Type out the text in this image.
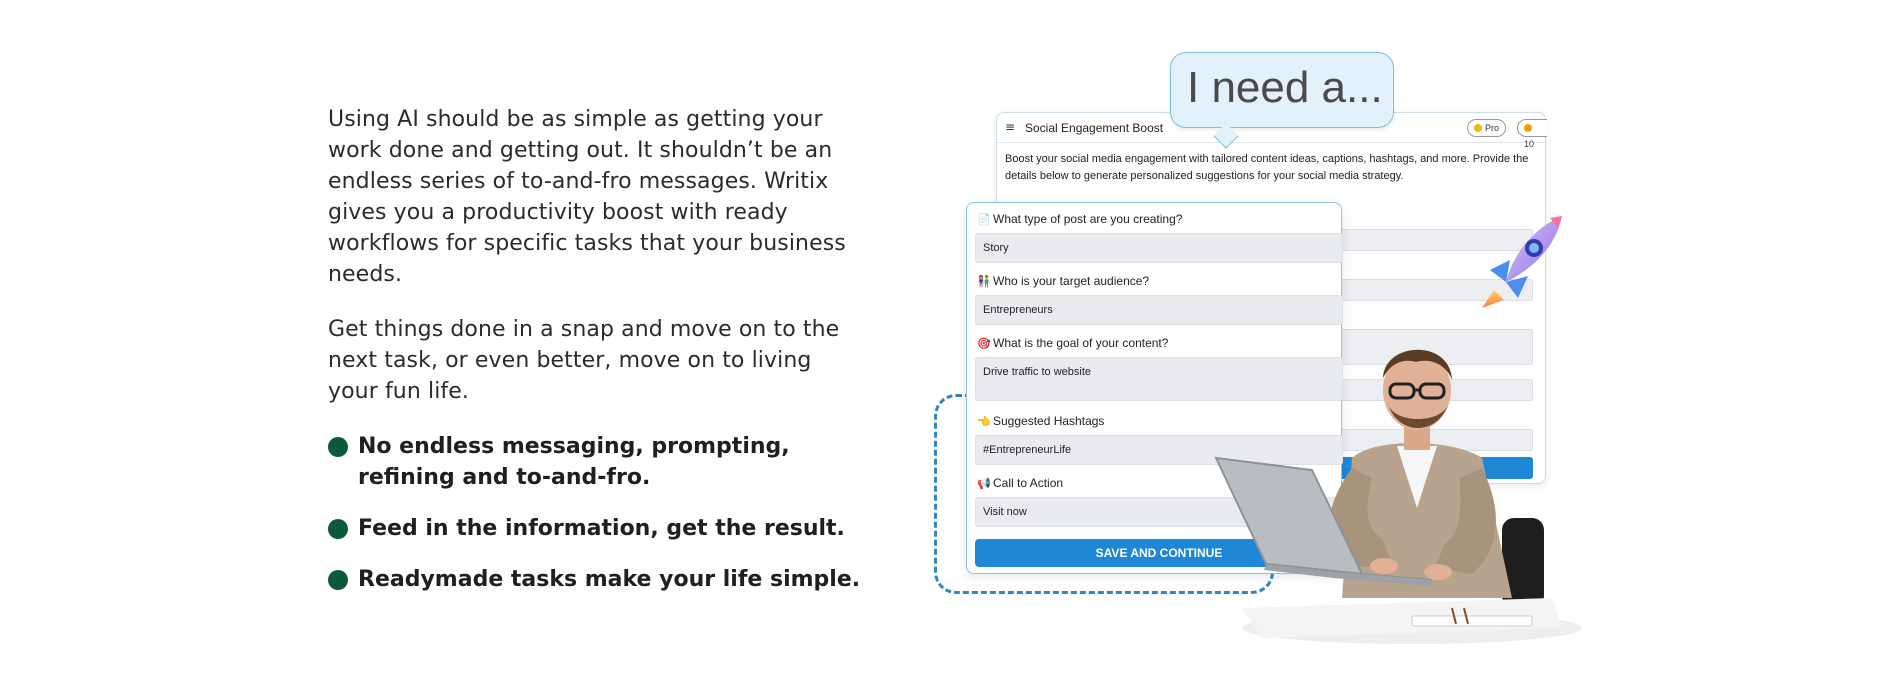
Using AI should be as simple as getting your work done and getting out. It shouldn’t be an endless series of to-and-fro messages. Writix gives you a productivity boost with ready workflows for specific tasks that your business needs.

Get things done in a snap and move on to the next task, or even better, move on to living your fun life.

No endless messaging, prompting, refining and to-and-fro.
Feed in the information, get the result.
Readymade tasks make your life simple.
≡ Social Engagement Boost	Pro
10
Boost your social media engagement with tailored content ideas, captions, hashtags, and more. Provide the details below to generate personalized suggestions for your social media strategy.
I need a...
📄 What type of post are you creating?
Story
👫 Who is your target audience?
Entrepreneurs
🎯 What is the goal of your content?
Drive traffic to website
👈 Suggested Hashtags
#EntrepreneurLife
📢 Call to Action
Visit now
SAVE AND CONTINUE
